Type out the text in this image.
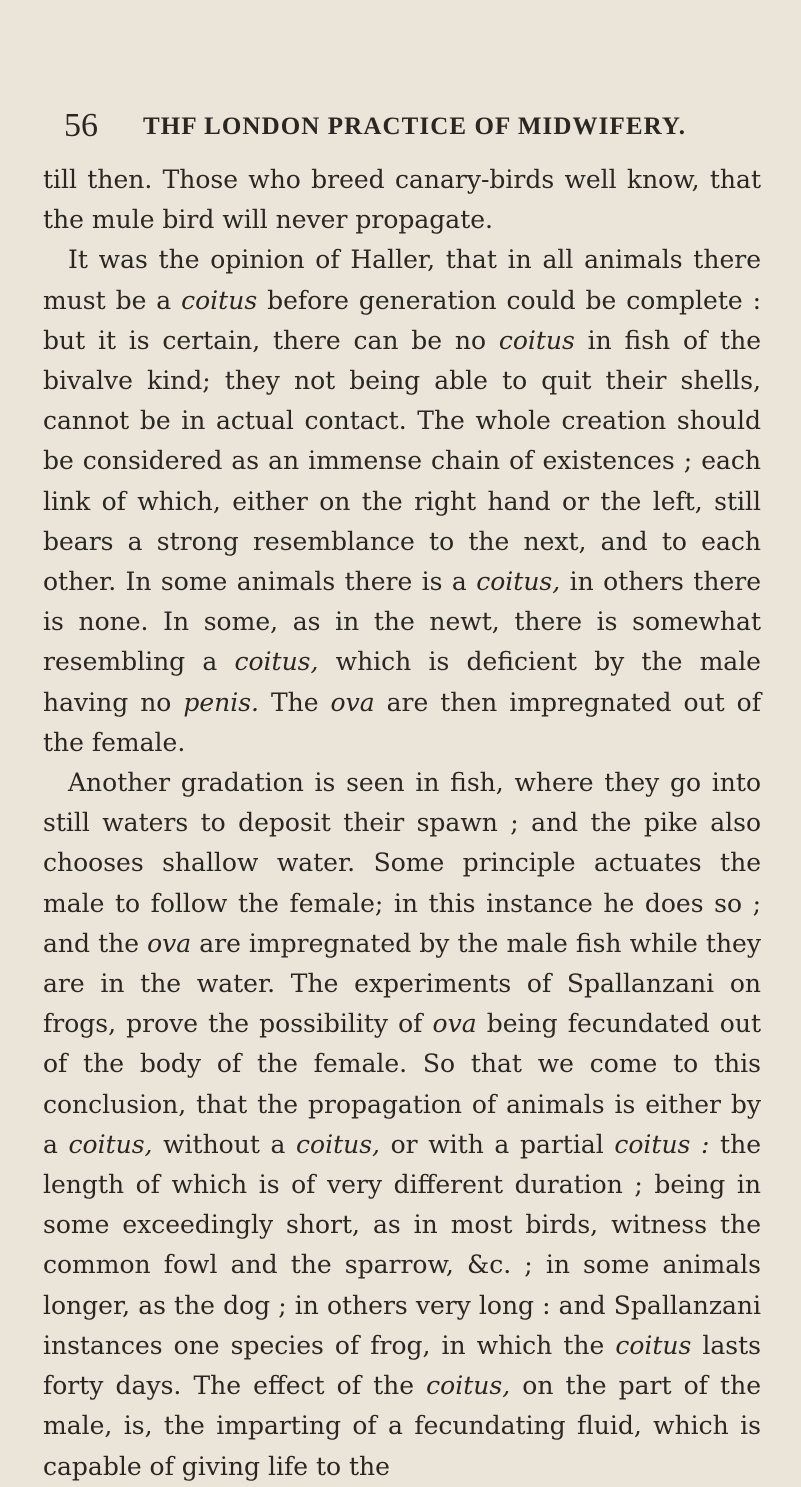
56 THF LONDON PRACTICE OF MIDWIFERY.

till then. Those who breed canary-birds well know, that the mule bird will never propagate.

It was the opinion of Haller, that in all animals there must be a coitus before generation could be complete : but it is certain, there can be no coitus in fish of the bivalve kind; they not being able to quit their shells, cannot be in actual contact. The whole creation should be considered as an immense chain of existences ; each link of which, either on the right hand or the left, still bears a strong resemblance to the next, and to each other. In some animals there is a coitus, in others there is none. In some, as in the newt, there is somewhat resembling a coitus, which is deficient by the male having no penis. The ova are then impregnated out of the female.

Another gradation is seen in fish, where they go into still waters to deposit their spawn ; and the pike also chooses shallow water. Some principle actuates the male to follow the female; in this instance he does so ; and the ova are impregnated by the male fish while they are in the water. The experiments of Spallanzani on frogs, prove the possibility of ova being fecundated out of the body of the female. So that we come to this conclusion, that the propagation of animals is either by a coitus, without a coitus, or with a partial coitus : the length of which is of very different duration ; being in some exceedingly short, as in most birds, witness the common fowl and the sparrow, &c. ; in some animals longer, as the dog ; in others very long : and Spallanzani instances one species of frog, in which the coitus lasts forty days. The effect of the coitus, on the part of the male, is, the imparting of a fecundating fluid, which is capable of giving life to the
